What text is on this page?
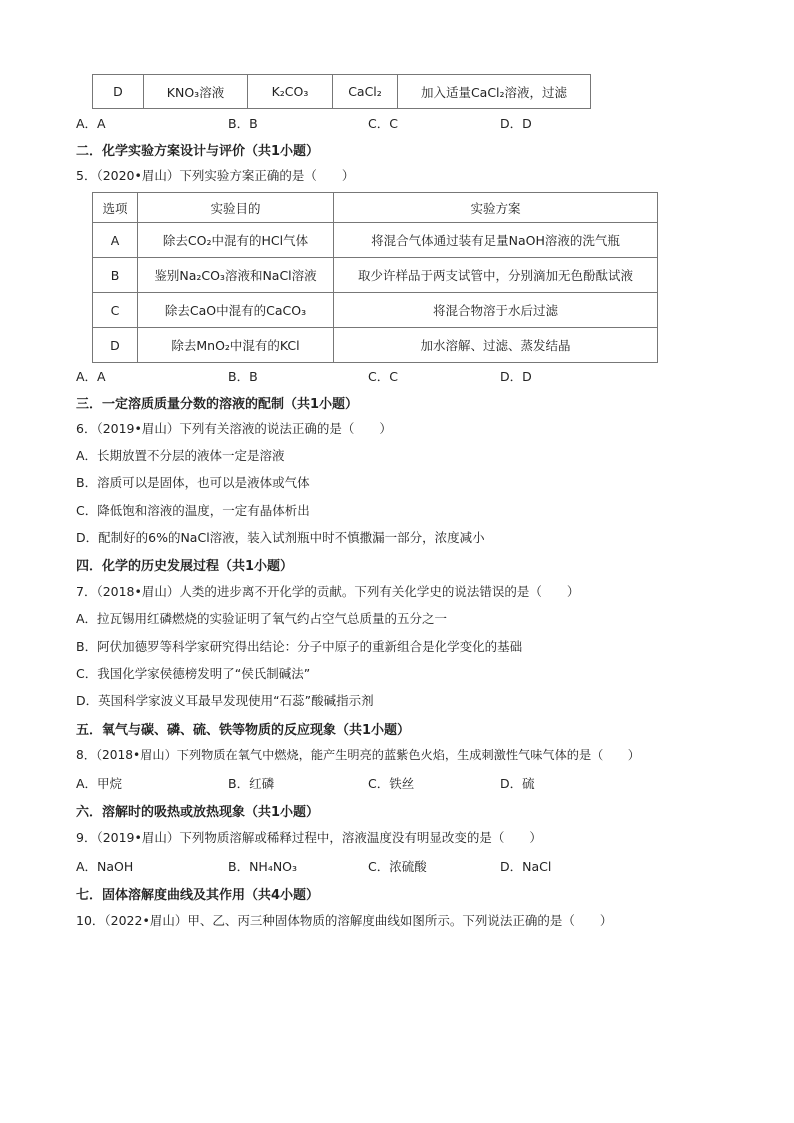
D	KNO₃溶液	K₂CO₃	CaCl₂	加入适量CaCl₂溶液，过滤
A．A	B．B	C．C	D．D
二．化学实验方案设计与评价（共1小题）
5．（2020•眉山）下列实验方案正确的是（　　）
选项	实验目的	实验方案
A	除去CO₂中混有的HCl气体	将混合气体通过装有足量NaOH溶液的洗气瓶
B	鉴别Na₂CO₃溶液和NaCl溶液	取少许样品于两支试管中，分别滴加无色酚酞试液
C	除去CaO中混有的CaCO₃	将混合物溶于水后过滤
D	除去MnO₂中混有的KCl	加水溶解、过滤、蒸发结晶
A．A	B．B	C．C	D．D
三．一定溶质质量分数的溶液的配制（共1小题）
6．（2019•眉山）下列有关溶液的说法正确的是（　　）
A．长期放置不分层的液体一定是溶液
B．溶质可以是固体，也可以是液体或气体
C．降低饱和溶液的温度，一定有晶体析出
D．配制好的6%的NaCl溶液，装入试剂瓶中时不慎撒漏一部分，浓度减小
四．化学的历史发展过程（共1小题）
7．（2018•眉山）人类的进步离不开化学的贡献。下列有关化学史的说法错误的是（　　）
A．拉瓦锡用红磷燃烧的实验证明了氧气约占空气总质量的五分之一
B．阿伏加德罗等科学家研究得出结论：分子中原子的重新组合是化学变化的基础
C．我国化学家侯德榜发明了“侯氏制碱法”
D．英国科学家波义耳最早发现使用“石蕊”酸碱指示剂
五．氧气与碳、磷、硫、铁等物质的反应现象（共1小题）
8．（2018•眉山）下列物质在氧气中燃烧，能产生明亮的蓝紫色火焰，生成刺激性气味气体的是（　　）
A．甲烷	B．红磷	C．铁丝	D．硫
六．溶解时的吸热或放热现象（共1小题）
9．（2019•眉山）下列物质溶解或稀释过程中，溶液温度没有明显改变的是（　　）
A．NaOH	B．NH₄NO₃	C．浓硫酸	D．NaCl
七．固体溶解度曲线及其作用（共4小题）
10．（2022•眉山）甲、乙、丙三种固体物质的溶解度曲线如图所示。下列说法正确的是（　　）
